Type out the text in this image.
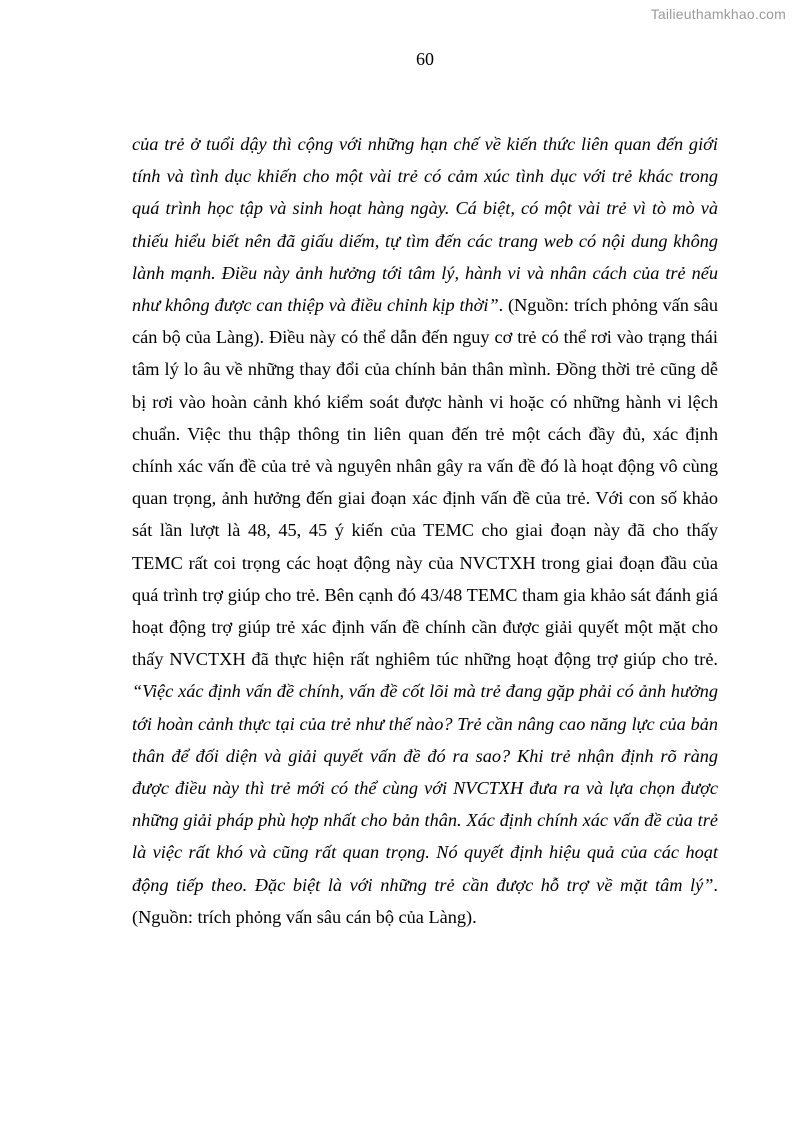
Tailieuthamkhao.com
60

của trẻ ở tuổi dậy thì cộng với những hạn chế về kiến thức liên quan đến giới tính và tình dục khiến cho một vài trẻ có cảm xúc tình dục với trẻ khác trong quá trình học tập và sinh hoạt hàng ngày. Cá biệt, có một vài trẻ vì tò mò và thiếu hiểu biết nên đã giấu diếm, tự tìm đến các trang web có nội dung không lành mạnh. Điều này ảnh hưởng tới tâm lý, hành vi và nhân cách của trẻ nếu như không được can thiệp và điều chỉnh kịp thời”. (Nguồn: trích phỏng vấn sâu cán bộ của Làng). Điều này có thể dẫn đến nguy cơ trẻ có thể rơi vào trạng thái tâm lý lo âu về những thay đổi của chính bản thân mình. Đồng thời trẻ cũng dễ bị rơi vào hoàn cảnh khó kiểm soát được hành vi hoặc có những hành vi lệch chuẩn. Việc thu thập thông tin liên quan đến trẻ một cách đầy đủ, xác định chính xác vấn đề của trẻ và nguyên nhân gây ra vấn đề đó là hoạt động vô cùng quan trọng, ảnh hưởng đến giai đoạn xác định vấn đề của trẻ. Với con số khảo sát lần lượt là 48, 45, 45 ý kiến của TEMC cho giai đoạn này đã cho thấy TEMC rất coi trọng các hoạt động này của NVCTXH trong giai đoạn đầu của quá trình trợ giúp cho trẻ. Bên cạnh đó 43/48 TEMC tham gia khảo sát đánh giá hoạt động trợ giúp trẻ xác định vấn đề chính cần được giải quyết một mặt cho thấy NVCTXH đã thực hiện rất nghiêm túc những hoạt động trợ giúp cho trẻ. “Việc xác định vấn đề chính, vấn đề cốt lõi mà trẻ đang gặp phải có ảnh hưởng tới hoàn cảnh thực tại của trẻ như thế nào? Trẻ cần nâng cao năng lực của bản thân để đối diện và giải quyết vấn đề đó ra sao? Khi trẻ nhận định rõ ràng được điều này thì trẻ mới có thể cùng với NVCTXH đưa ra và lựa chọn được những giải pháp phù hợp nhất cho bản thân. Xác định chính xác vấn đề của trẻ là việc rất khó và cũng rất quan trọng. Nó quyết định hiệu quả của các hoạt động tiếp theo. Đặc biệt là với những trẻ cần được hỗ trợ về mặt tâm lý”. (Nguồn: trích phỏng vấn sâu cán bộ của Làng).
